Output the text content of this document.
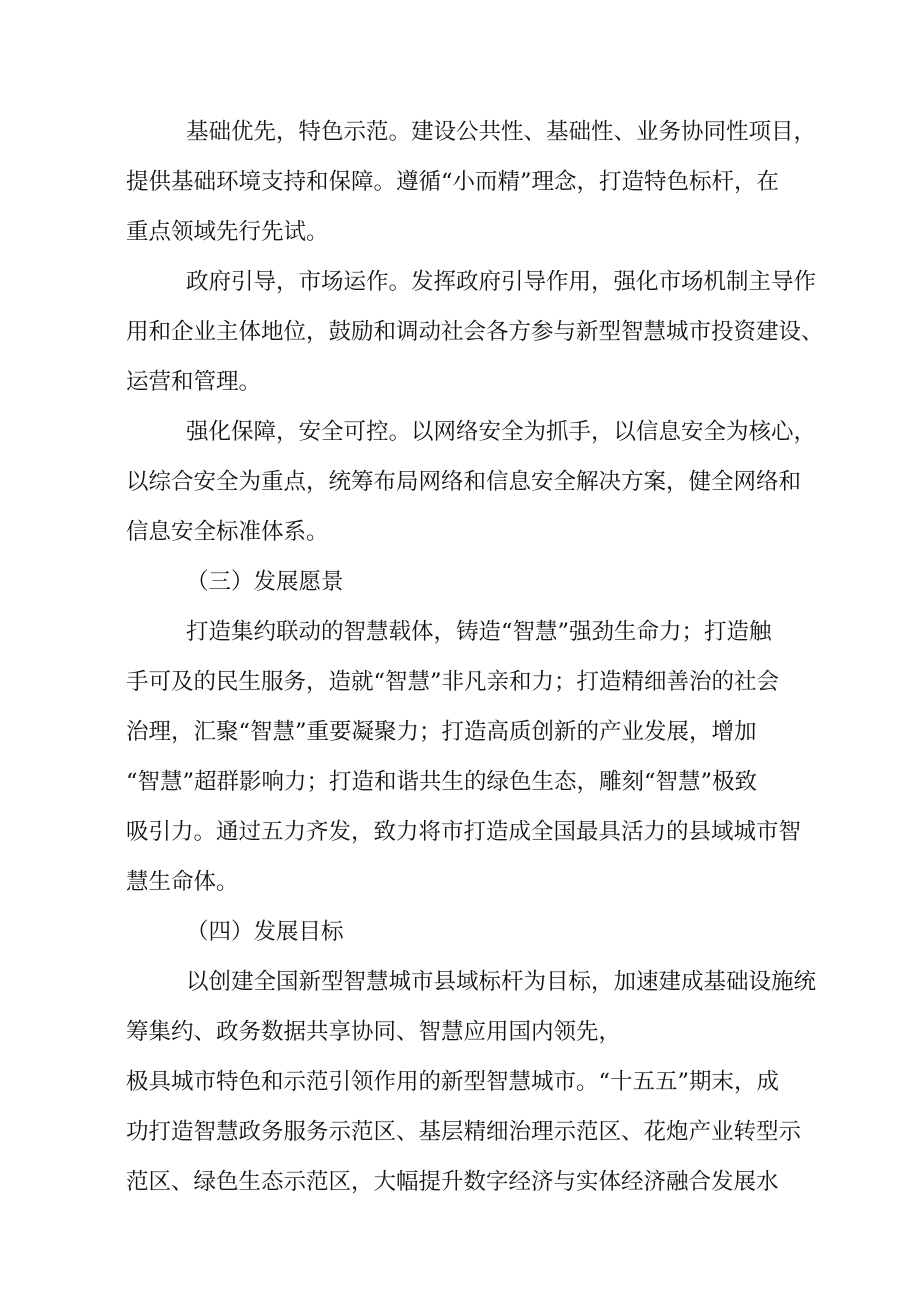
基础优先，特色示范。建设公共性、基础性、业务协同性项目，
提供基础环境支持和保障。遵循“小而精”理念，打造特色标杆，在
重点领域先行先试。
政府引导，市场运作。发挥政府引导作用，强化市场机制主导作
用和企业主体地位，鼓励和调动社会各方参与新型智慧城市投资建设、
运营和管理。
强化保障，安全可控。以网络安全为抓手，以信息安全为核心，
以综合安全为重点，统筹布局网络和信息安全解决方案，健全网络和
信息安全标准体系。
（三）发展愿景
打造集约联动的智慧载体，铸造“智慧”强劲生命力；打造触
手可及的民生服务，造就“智慧”非凡亲和力；打造精细善治的社会
治理，汇聚“智慧”重要凝聚力；打造高质创新的产业发展，增加
“智慧”超群影响力；打造和谐共生的绿色生态，雕刻“智慧”极致
吸引力。通过五力齐发，致力将市打造成全国最具活力的县域城市智
慧生命体。
（四）发展目标
以创建全国新型智慧城市县域标杆为目标，加速建成基础设施统
筹集约、政务数据共享协同、智慧应用国内领先，
极具城市特色和示范引领作用的新型智慧城市。“十五五”期末，成
功打造智慧政务服务示范区、基层精细治理示范区、花炮产业转型示
范区、绿色生态示范区，大幅提升数字经济与实体经济融合发展水
